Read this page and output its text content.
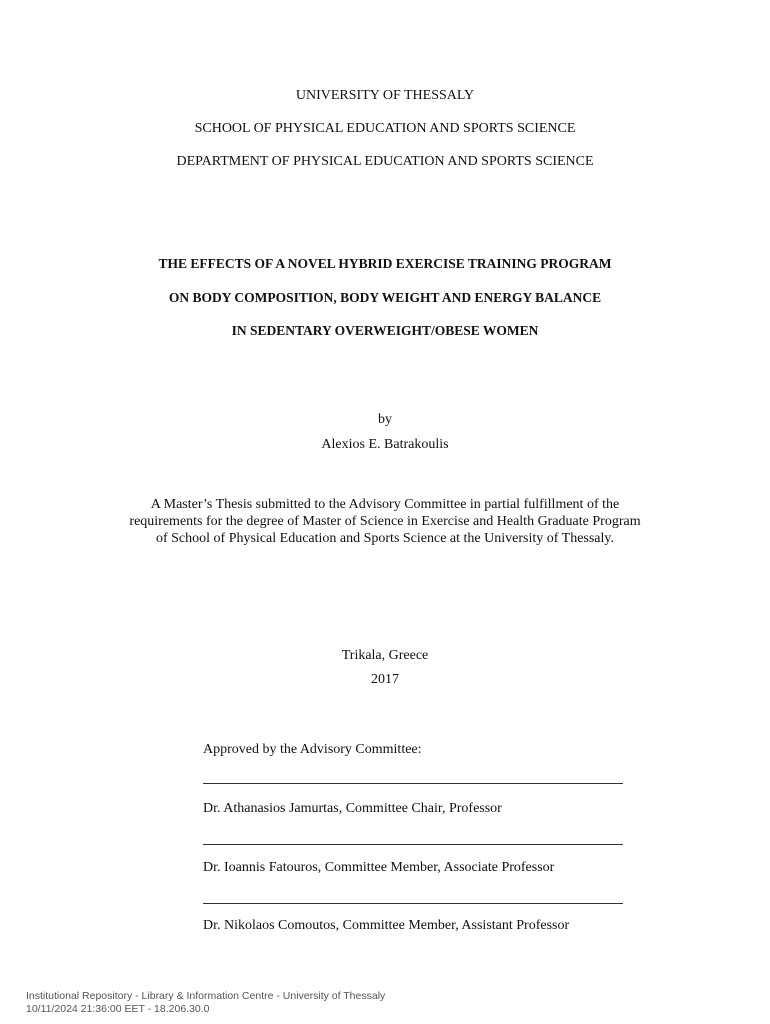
UNIVERSITY OF THESSALY
SCHOOL OF PHYSICAL EDUCATION AND SPORTS SCIENCE
DEPARTMENT OF PHYSICAL EDUCATION AND SPORTS SCIENCE
THE EFFECTS OF A NOVEL HYBRID EXERCISE TRAINING PROGRAM
ON BODY COMPOSITION, BODY WEIGHT AND ENERGY BALANCE
IN SEDENTARY OVERWEIGHT/OBESE WOMEN
by
Alexios E. Batrakoulis
A Master’s Thesis submitted to the Advisory Committee in partial fulfillment of the
requirements for the degree of Master of Science in Exercise and Health Graduate Program
of School of Physical Education and Sports Science at the University of Thessaly.
Trikala, Greece
2017
Approved by the Advisory Committee:
Dr. Athanasios Jamurtas, Committee Chair, Professor
Dr. Ioannis Fatouros, Committee Member, Associate Professor
Dr. Nikolaos Comoutos, Committee Member, Assistant Professor
Institutional Repository - Library & Information Centre - University of Thessaly
10/11/2024 21:36:00 EET - 18.206.30.0
